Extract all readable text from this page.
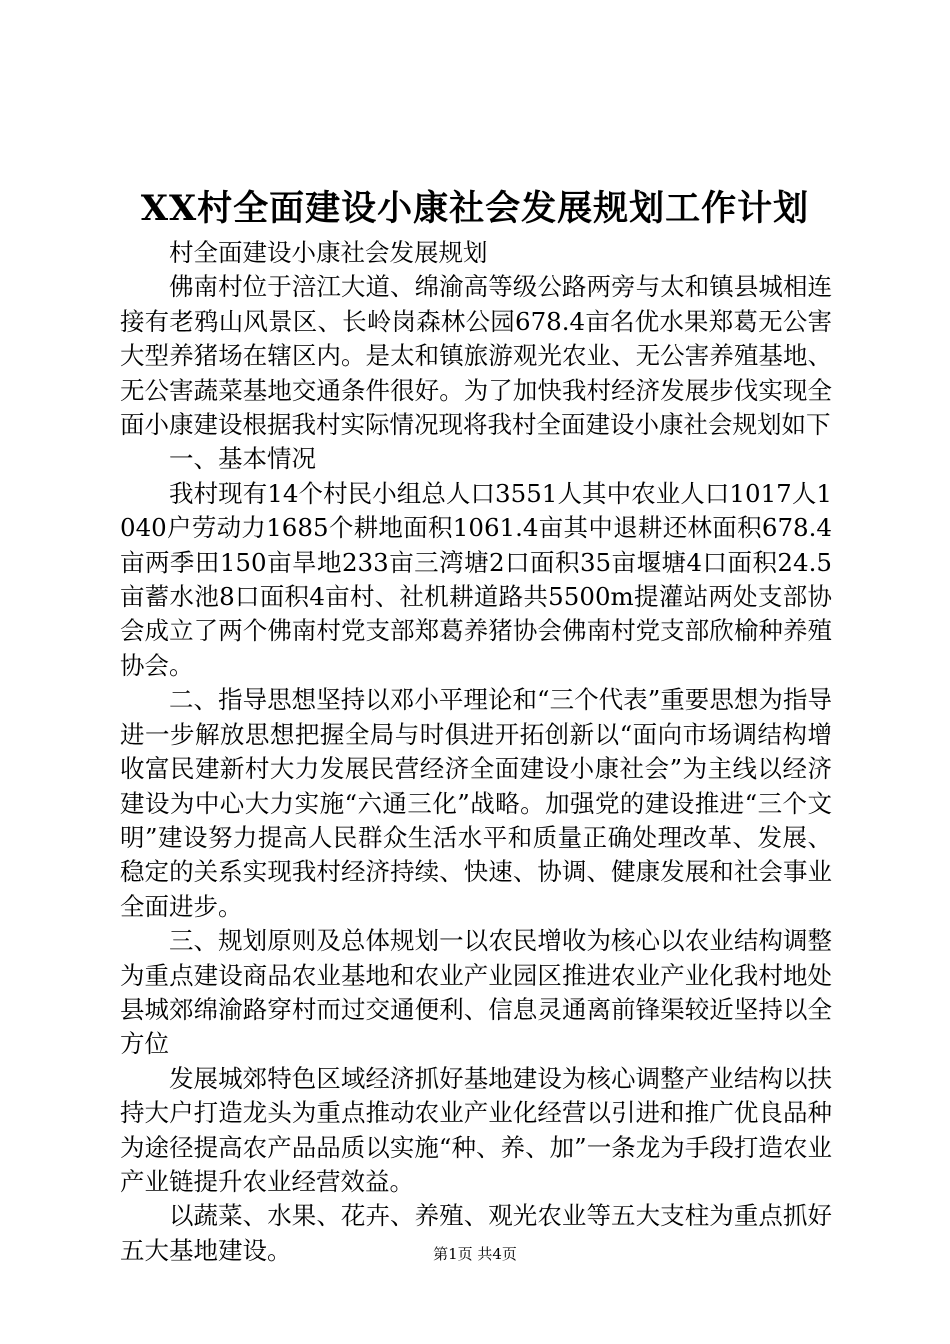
XX村全面建设小康社会发展规划工作计划

村全面建设小康社会发展规划

佛南村位于涪江大道、绵渝高等级公路两旁与太和镇县城相连接有老鸦山风景区、长岭岗森林公园678.4亩名优水果郑葛无公害大型养猪场在辖区内。是太和镇旅游观光农业、无公害养殖基地、无公害蔬菜基地交通条件很好。为了加快我村经济发展步伐实现全面小康建设根据我村实际情况现将我村全面建设小康社会规划如下

一、基本情况

我村现有14个村民小组总人口3551人其中农业人口1017人1040户劳动力1685个耕地面积1061.4亩其中退耕还林面积678.4亩两季田150亩旱地233亩三湾塘2口面积35亩堰塘4口面积24.5亩蓄水池8口面积4亩村、社机耕道路共5500m提灌站两处支部协会成立了两个佛南村党支部郑葛养猪协会佛南村党支部欣榆种养殖协会。

二、指导思想坚持以邓小平理论和“三个代表”重要思想为指导进一步解放思想把握全局与时俱进开拓创新以“面向市场调结构增收富民建新村大力发展民营经济全面建设小康社会”为主线以经济建设为中心大力实施“六通三化”战略。加强党的建设推进“三个文明”建设努力提高人民群众生活水平和质量正确处理改革、发展、稳定的关系实现我村经济持续、快速、协调、健康发展和社会事业全面进步。

三、规划原则及总体规划一以农民增收为核心以农业结构调整为重点建设商品农业基地和农业产业园区推进农业产业化我村地处县城郊绵渝路穿村而过交通便利、信息灵通离前锋渠较近坚持以全方位

发展城郊特色区域经济抓好基地建设为核心调整产业结构以扶持大户打造龙头为重点推动农业产业化经营以引进和推广优良品种为途径提高农产品品质以实施“种、养、加”一条龙为手段打造农业产业链提升农业经营效益。

以蔬菜、水果、花卉、养殖、观光农业等五大支柱为重点抓好五大基地建设。	第1页 共4页
